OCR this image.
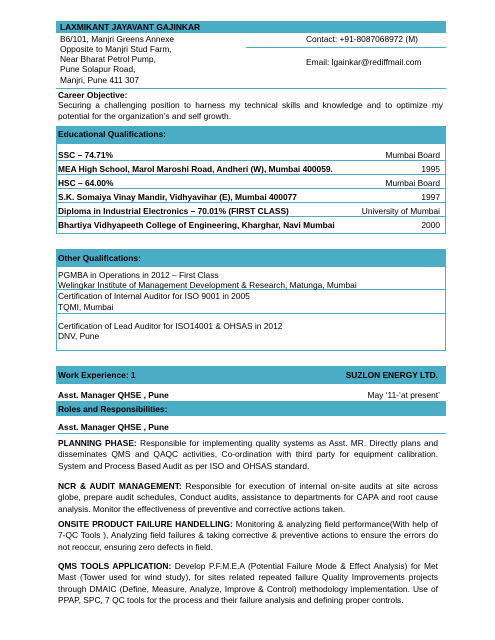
LAXMIKANT JAYAVANT GAJINKAR
B6/101, Manjri Greens Annexe
Opposite to Manjri Stud Farm,
Near Bharat Petrol Pump,
Pune Solapur Road,
Manjri, Pune 411 307
Contact: +91-8087068972 (M)
Email: lgainkar@rediffmail.com
Career Objective:
Securing a challenging position to harness my technical skills and knowledge and to optimize my potential for the organization’s and self growth.
Educational Qualifications:
SSC – 74.71%	Mumbai Board
MEA High School, Marol Maroshi Road, Andheri (W), Mumbai 400059.	1995
HSC – 64.00%	Mumbai Board
S.K. Somaiya Vinay Mandir, Vidhyavihar (E), Mumbai 400077	1997
Diploma in Industrial Electronics – 70.01% (FIRST CLASS)	University of Mumbai
Bhartiya Vidhyapeeth College of Engineering, Kharghar, Navi Mumbai	2000
Other Qualifications:
PGMBA in Operations in 2012 – First Class
Welingkar Institute of Management Development & Research, Matunga, Mumbai
Certification of Internal Auditor for ISO 9001 in 2005
TQMI, Mumbai
Certification of Lead Auditor for ISO14001 & OHSAS in 2012
DNV, Pune
Work Experience: 1	SUZLON ENERGY LTD.
Asst. Manager QHSE , Pune	May ‘11-‘at present’
Roles and Responsibilities:
Asst. Manager QHSE , Pune
PLANNING PHASE: Responsible for implementing quality systems as Asst. MR. Directly plans and disseminates QMS and QAQC activities, Co-ordination with third party for equipment calibration. System and Process Based Audit as per ISO and OHSAS standard.
NCR & AUDIT MANAGEMENT: Responsible for execution of internal on-site audits at site across globe, prepare audit schedules, Conduct audits, assistance to departments for CAPA and root cause analysis. Monitor the effectiveness of preventive and corrective actions taken.
ONSITE PRODUCT FAILURE HANDELLING: Monitoring & analyzing field performance(With help of 7-QC Tools ), Analyzing field failures & taking corrective & preventive actions to ensure the errors do not reoccur, ensuring zero defects in field.
QMS TOOLS APPLICATION: Develop P.F.M.E.A (Potential Failure Mode & Effect Analysis) for Met Mast (Tower used for wind study), for sites related repeated failure Quality Improvements projects through DMAIC (Define, Measure, Analyze, Improve & Control) methodology implementation. Use of PPAP, SPC, 7 QC tools for the process and their failure analysis and defining proper controls.
